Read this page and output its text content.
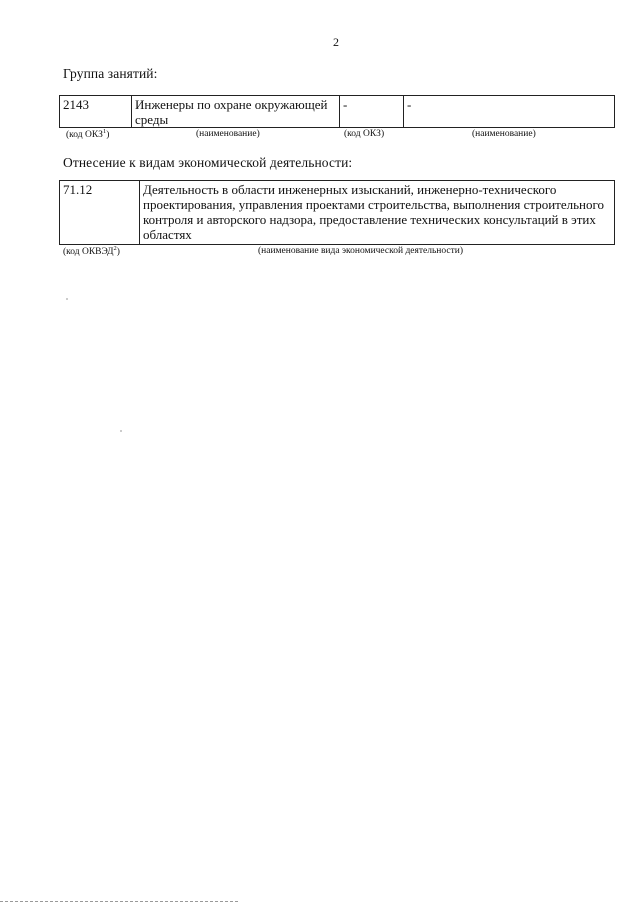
2
Группа занятий:
2143	Инженеры по охране окружающей среды	-	-
(код ОКЗ$^1$)	(наименование)	(код ОКЗ)	(наименование)
Отнесение к видам экономической деятельности:
71.12	Деятельность в области инженерных изысканий, инженерно-технического проектирования, управления проектами строительства, выполнения строительного контроля и авторского надзора, предоставление технических консультаций в этих областях
(код ОКВЭД$^2$)	(наименование вида экономической деятельности)
